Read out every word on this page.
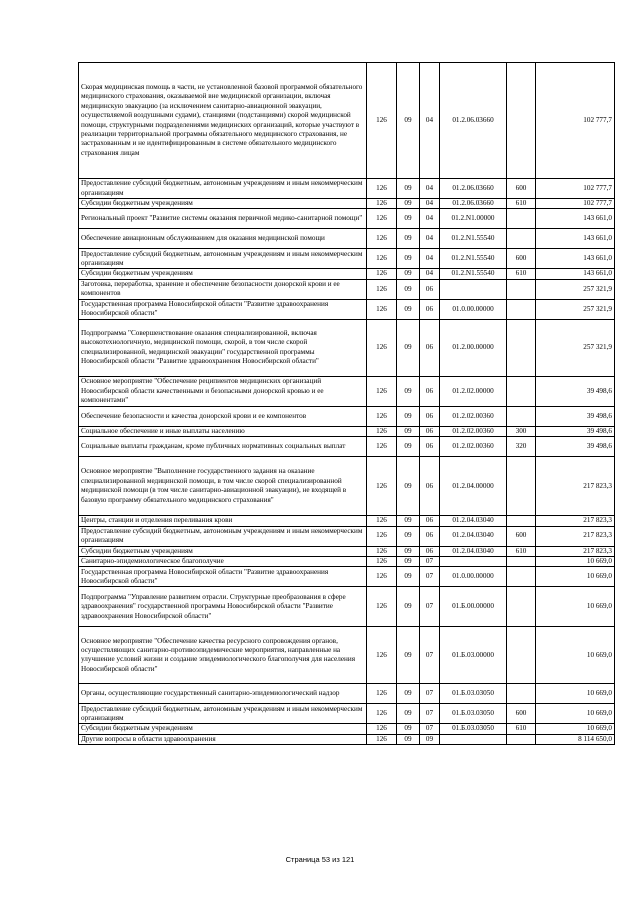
Скорая медицинская помощь в части, не установленной базовой программой обязательного медицинского страхования, оказываемой вне медицинской организации, включая медицинскую эвакуацию (за исключением санитарно-авиационной эвакуации, осуществляемой воздушными судами), станциями (подстанциями) скорой медицинской помощи, структурными подразделениями медицинских организаций, которые участвуют в реализации территориальной программы обязательного медицинского страхования, не застрахованным и не идентифицированным в системе обязательного медицинского страхования лицам	126	09	04	01.2.06.03660		102 777,7
Предоставление субсидий бюджетным, автономным учреждениям и иным некоммерческим организациям	126	09	04	01.2.06.03660	600	102 777,7
Субсидии бюджетным учреждениям	126	09	04	01.2.06.03660	610	102 777,7
Региональный проект "Развитие системы оказания первичной медико-санитарной помощи"	126	09	04	01.2.N1.00000		143 661,0
Обеспечение авиационным обслуживанием для оказания медицинской помощи	126	09	04	01.2.N1.55540		143 661,0
Предоставление субсидий бюджетным, автономным учреждениям и иным некоммерческим организациям	126	09	04	01.2.N1.55540	600	143 661,0
Субсидии бюджетным учреждениям	126	09	04	01.2.N1.55540	610	143 661,0
Заготовка, переработка, хранение и обеспечение безопасности донорской крови и ее компонентов	126	09	06			257 321,9
Государственная программа Новосибирской области "Развитие здравоохранения Новосибирской области"	126	09	06	01.0.00.00000		257 321,9
Подпрограмма "Совершенствование оказания специализированной, включая высокотехнологичную, медицинской помощи, скорой, в том числе скорой специализированной, медицинской эвакуации" государственной программы Новосибирской области "Развитие здравоохранения Новосибирской области"	126	09	06	01.2.00.00000		257 321,9
Основное мероприятие "Обеспечение реципиентов медицинских организаций Новосибирской области качественными и безопасными донорской кровью и ее компонентами"	126	09	06	01.2.02.00000		39 498,6
Обеспечение безопасности и качества донорской крови и ее компонентов	126	09	06	01.2.02.00360		39 498,6
Социальное обеспечение и иные выплаты населению	126	09	06	01.2.02.00360	300	39 498,6
Социальные выплаты гражданам, кроме публичных нормативных социальных выплат	126	09	06	01.2.02.00360	320	39 498,6
Основное мероприятие "Выполнение государственного задания на оказание специализированной медицинской помощи, в том числе скорой специализированной медицинской помощи (в том числе санитарно-авиационной эвакуации), не входящей в базовую программу обязательного медицинского страхования"	126	09	06	01.2.04.00000		217 823,3
Центры, станции и отделения переливания крови	126	09	06	01.2.04.03040		217 823,3
Предоставление субсидий бюджетным, автономным учреждениям и иным некоммерческим организациям	126	09	06	01.2.04.03040	600	217 823,3
Субсидии бюджетным учреждениям	126	09	06	01.2.04.03040	610	217 823,3
Санитарно-эпидемиологическое благополучие	126	09	07			10 669,0
Государственная программа Новосибирской области "Развитие здравоохранения Новосибирской области"	126	09	07	01.0.00.00000		10 669,0
Подпрограмма "Управление развитием отрасли. Структурные преобразования в сфере здравоохранения" государственной программы Новосибирской области "Развитие здравоохранения Новосибирской области"	126	09	07	01.Б.00.00000		10 669,0
Основное мероприятие "Обеспечение качества ресурсного сопровождения органов, осуществляющих санитарно-противоэпидемические мероприятия, направленные на улучшение условий жизни и создание эпидемиологического благополучия для населения Новосибирской области"	126	09	07	01.Б.03.00000		10 669,0
Органы, осуществляющие государственный санитарно-эпидемиологический надзор	126	09	07	01.Б.03.03050		10 669,0
Предоставление субсидий бюджетным, автономным учреждениям и иным некоммерческим организациям	126	09	07	01.Б.03.03050	600	10 669,0
Субсидии бюджетным учреждениям	126	09	07	01.Б.03.03050	610	10 669,0
Другие вопросы в области здравоохранения	126	09	09			8 114 650,0
Страница 53 из 121
